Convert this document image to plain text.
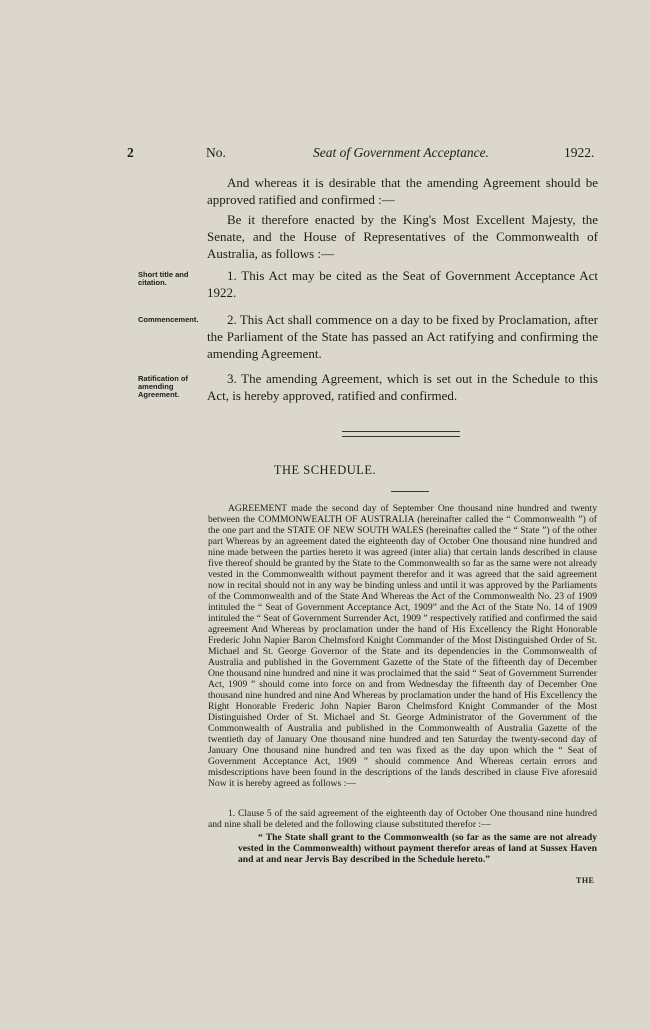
2	No.	Seat of Government Acceptance.	1922.
And whereas it is desirable that the amending Agreement should be approved ratified and confirmed :—
Be it therefore enacted by the King's Most Excellent Majesty, the Senate, and the House of Representatives of the Commonwealth of Australia, as follows :—
Short title and citation.	1. This Act may be cited as the Seat of Government Acceptance Act 1922.
Commencement.	2. This Act shall commence on a day to be fixed by Proclamation, after the Parliament of the State has passed an Act ratifying and confirming the amending Agreement.
Ratification of amending Agreement.
3. The amending Agreement, which is set out in the Schedule to this Act, is hereby approved, ratified and confirmed.
THE SCHEDULE.
AGREEMENT made the second day of September One thousand nine hundred and twenty between the COMMONWEALTH OF AUSTRALIA (hereinafter called the “ Commonwealth ”) of the one part and the STATE OF NEW SOUTH WALES (hereinafter called the “ State ”) of the other part Whereas by an agreement dated the eighteenth day of October One thousand nine hundred and nine made between the parties hereto it was agreed (inter alia) that certain lands described in clause five thereof should be granted by the State to the Commonwealth so far as the same were not already vested in the Commonwealth without payment therefor and it was agreed that the said agreement now in recital should not in any way be binding unless and until it was approved by the Parliaments of the Commonwealth and of the State And Whereas the Act of the Commonwealth No. 23 of 1909 intituled the “ Seat of Government Acceptance Act, 1909” and the Act of the State No. 14 of 1909 intituled the “ Seat of Government Surrender Act, 1909 ” respectively ratified and confirmed the said agreement And Whereas by proclamation under the hand of His Excellency the Right Honorable Frederic John Napier Baron Chelmsford Knight Commander of the Most Distinguished Order of St. Michael and St. George Governor of the State and its dependencies in the Commonwealth of Australia and published in the Government Gazette of the State of the fifteenth day of December One thousand nine hundred and nine it was proclaimed that the said “ Seat of Government Surrender Act, 1909 ” should come into force on and from Wednesday the fifteenth day of December One thousand nine hundred and nine And Whereas by proclamation under the hand of His Excellency the Right Honorable Frederic John Napier Baron Chelmsford Knight Commander of the Most Distinguished Order of St. Michael and St. George Administrator of the Government of the Commonwealth of Australia and published in the Commonwealth of Australia Gazette of the twentieth day of January One thousand nine hundred and ten Saturday the twenty-second day of January One thousand nine hundred and ten was fixed as the day upon which the “ Seat of Government Acceptance Act, 1909 ” should commence And Whereas certain errors and misdescriptions have been found in the descriptions of the lands described in clause Five aforesaid Now it is hereby agreed as follows :—
1. Clause 5 of the said agreement of the eighteenth day of October One thousand nine hundred and nine shall be deleted and the following clause substituted therefor :—
“ The State shall grant to the Commonwealth (so far as the same are not already vested in the Commonwealth) without payment therefor areas of land at Sussex Haven and at and near Jervis Bay described in the Schedule hereto.”
THE
